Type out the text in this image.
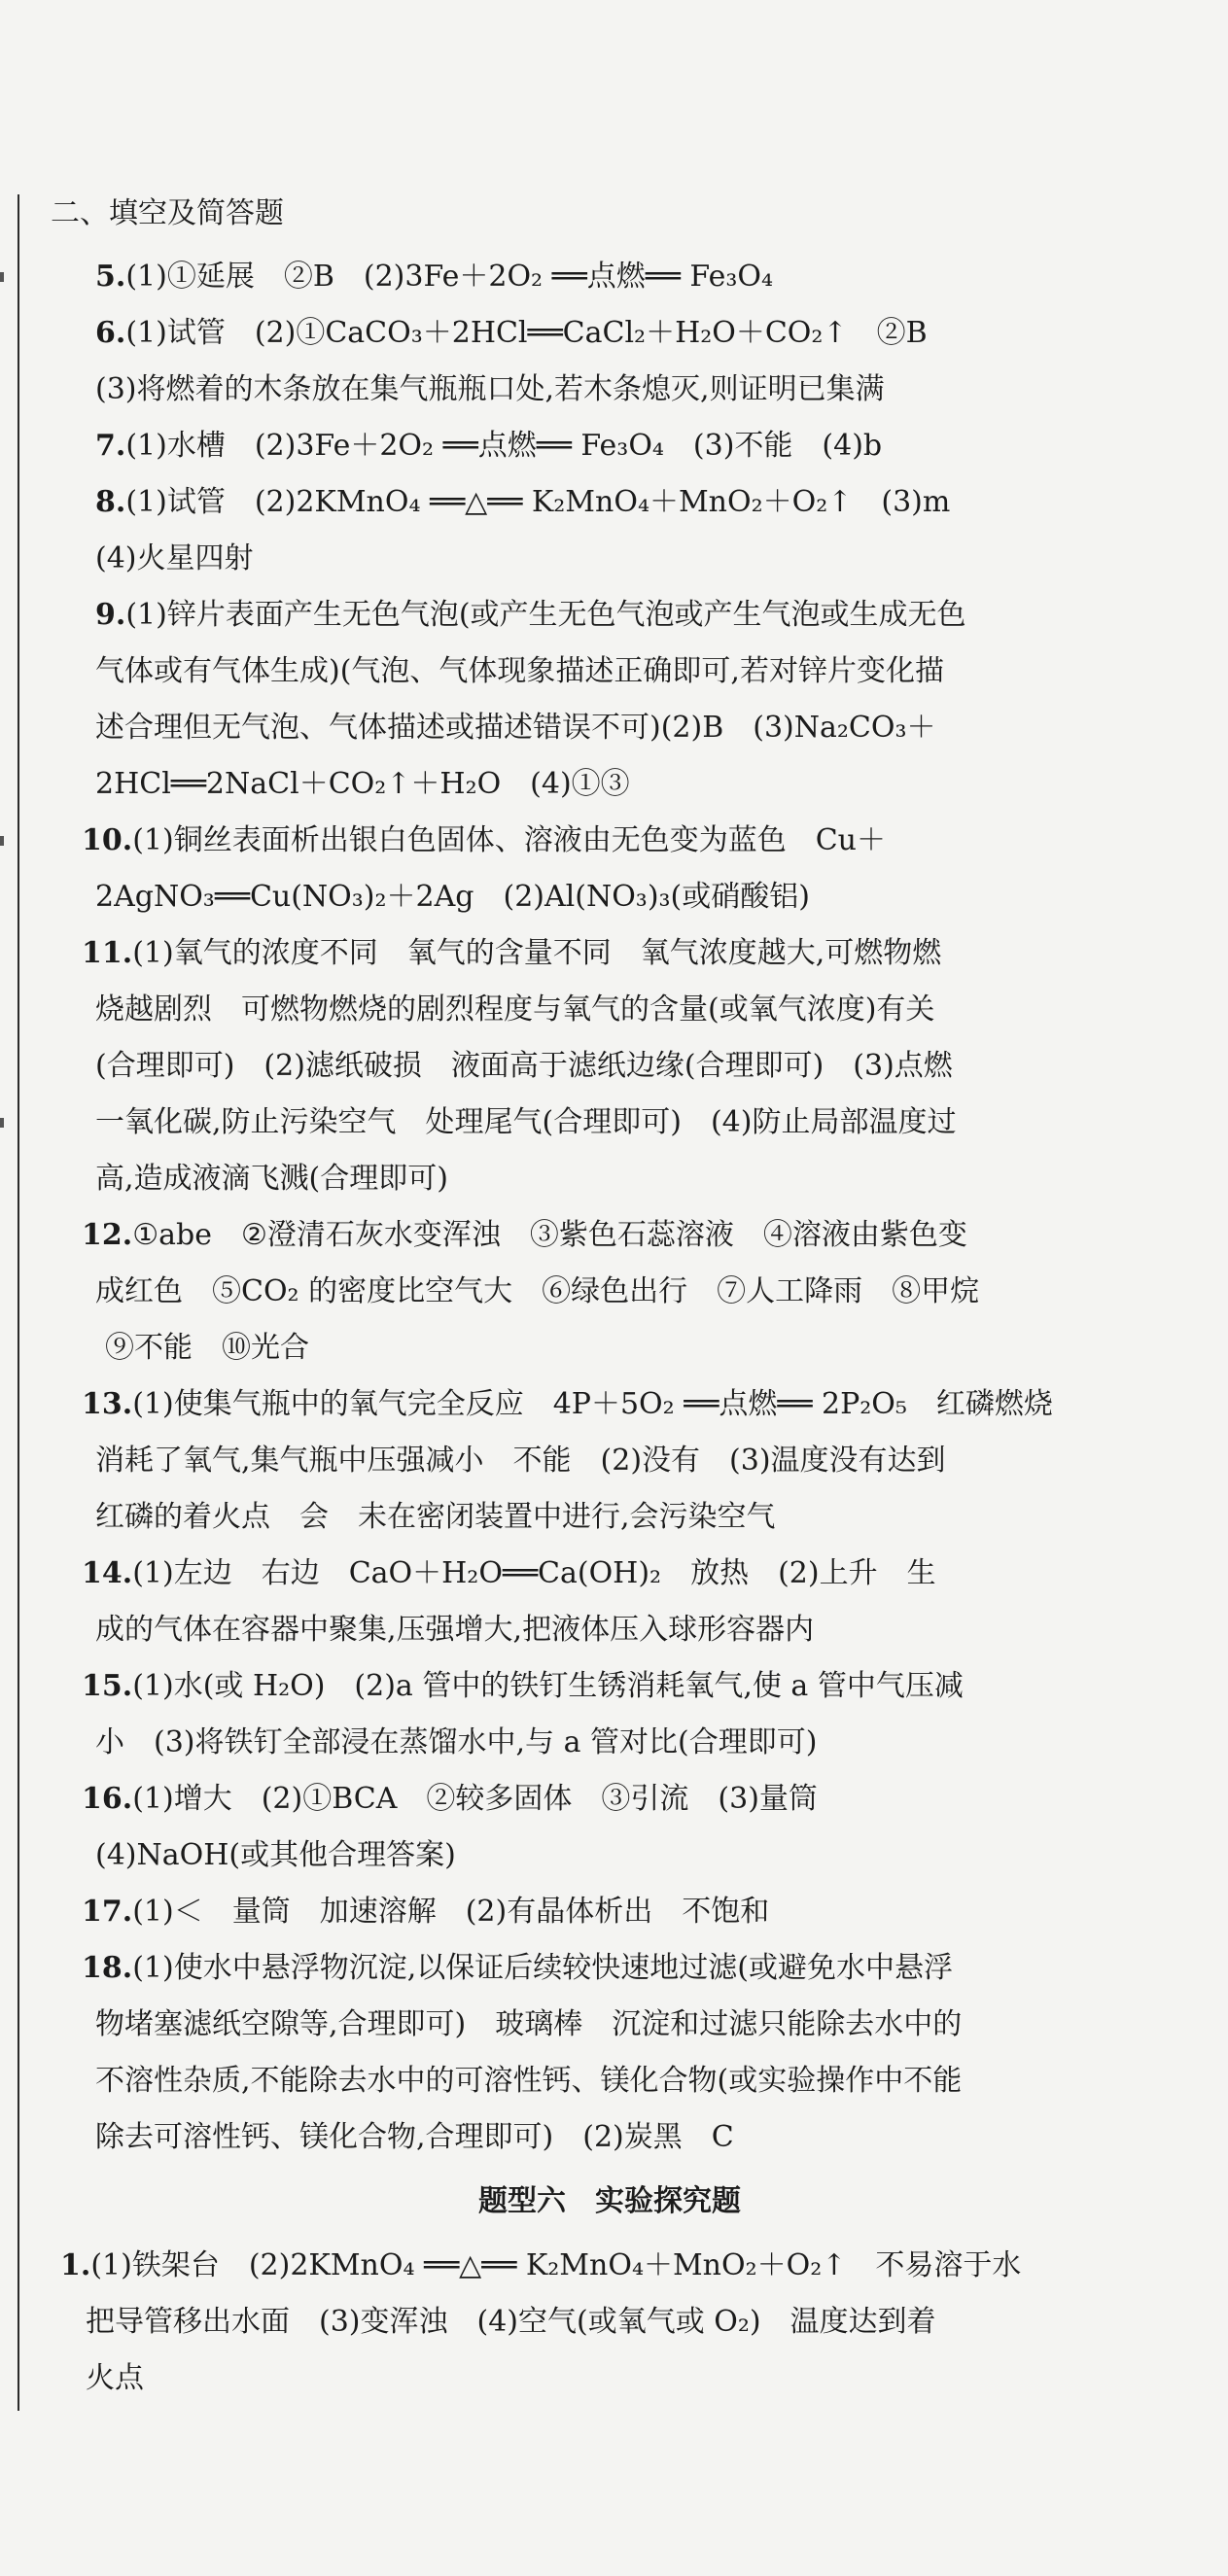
二、填空及简答题
5.(1)①延展　②B　(2)3Fe＋2O₂ ══点燃══ Fe₃O₄
6.(1)试管　(2)①CaCO₃＋2HCl══CaCl₂＋H₂O＋CO₂↑　②B
(3)将燃着的木条放在集气瓶瓶口处,若木条熄灭,则证明已集满
7.(1)水槽　(2)3Fe＋2O₂ ══点燃══ Fe₃O₄　(3)不能　(4)b
8.(1)试管　(2)2KMnO₄ ══△══ K₂MnO₄＋MnO₂＋O₂↑　(3)m
(4)火星四射
9.(1)锌片表面产生无色气泡(或产生无色气泡或产生气泡或生成无色
气体或有气体生成)(气泡、气体现象描述正确即可,若对锌片变化描
述合理但无气泡、气体描述或描述错误不可)(2)B　(3)Na₂CO₃＋
2HCl══2NaCl＋CO₂↑＋H₂O　(4)①③
10.(1)铜丝表面析出银白色固体、溶液由无色变为蓝色　Cu＋
2AgNO₃══Cu(NO₃)₂＋2Ag　(2)Al(NO₃)₃(或硝酸铝)
11.(1)氧气的浓度不同　氧气的含量不同　氧气浓度越大,可燃物燃
烧越剧烈　可燃物燃烧的剧烈程度与氧气的含量(或氧气浓度)有关
(合理即可)　(2)滤纸破损　液面高于滤纸边缘(合理即可)　(3)点燃
一氧化碳,防止污染空气　处理尾气(合理即可)　(4)防止局部温度过
高,造成液滴飞溅(合理即可)
12.①abe　②澄清石灰水变浑浊　③紫色石蕊溶液　④溶液由紫色变
成红色　⑤CO₂ 的密度比空气大　⑥绿色出行　⑦人工降雨　⑧甲烷
⑨不能　⑩光合
13.(1)使集气瓶中的氧气完全反应　4P＋5O₂ ══点燃══ 2P₂O₅　红磷燃烧
消耗了氧气,集气瓶中压强减小　不能　(2)没有　(3)温度没有达到
红磷的着火点　会　未在密闭装置中进行,会污染空气
14.(1)左边　右边　CaO＋H₂O══Ca(OH)₂　放热　(2)上升　生
成的气体在容器中聚集,压强增大,把液体压入球形容器内
15.(1)水(或 H₂O)　(2)a 管中的铁钉生锈消耗氧气,使 a 管中气压减
小　(3)将铁钉全部浸在蒸馏水中,与 a 管对比(合理即可)
16.(1)增大　(2)①BCA　②较多固体　③引流　(3)量筒
(4)NaOH(或其他合理答案)
17.(1)＜　量筒　加速溶解　(2)有晶体析出　不饱和
18.(1)使水中悬浮物沉淀,以保证后续较快速地过滤(或避免水中悬浮
物堵塞滤纸空隙等,合理即可)　玻璃棒　沉淀和过滤只能除去水中的
不溶性杂质,不能除去水中的可溶性钙、镁化合物(或实验操作中不能
除去可溶性钙、镁化合物,合理即可)　(2)炭黑　C
题型六　实验探究题
1.(1)铁架台　(2)2KMnO₄ ══△══ K₂MnO₄＋MnO₂＋O₂↑　不易溶于水
把导管移出水面　(3)变浑浊　(4)空气(或氧气或 O₂)　温度达到着
火点
